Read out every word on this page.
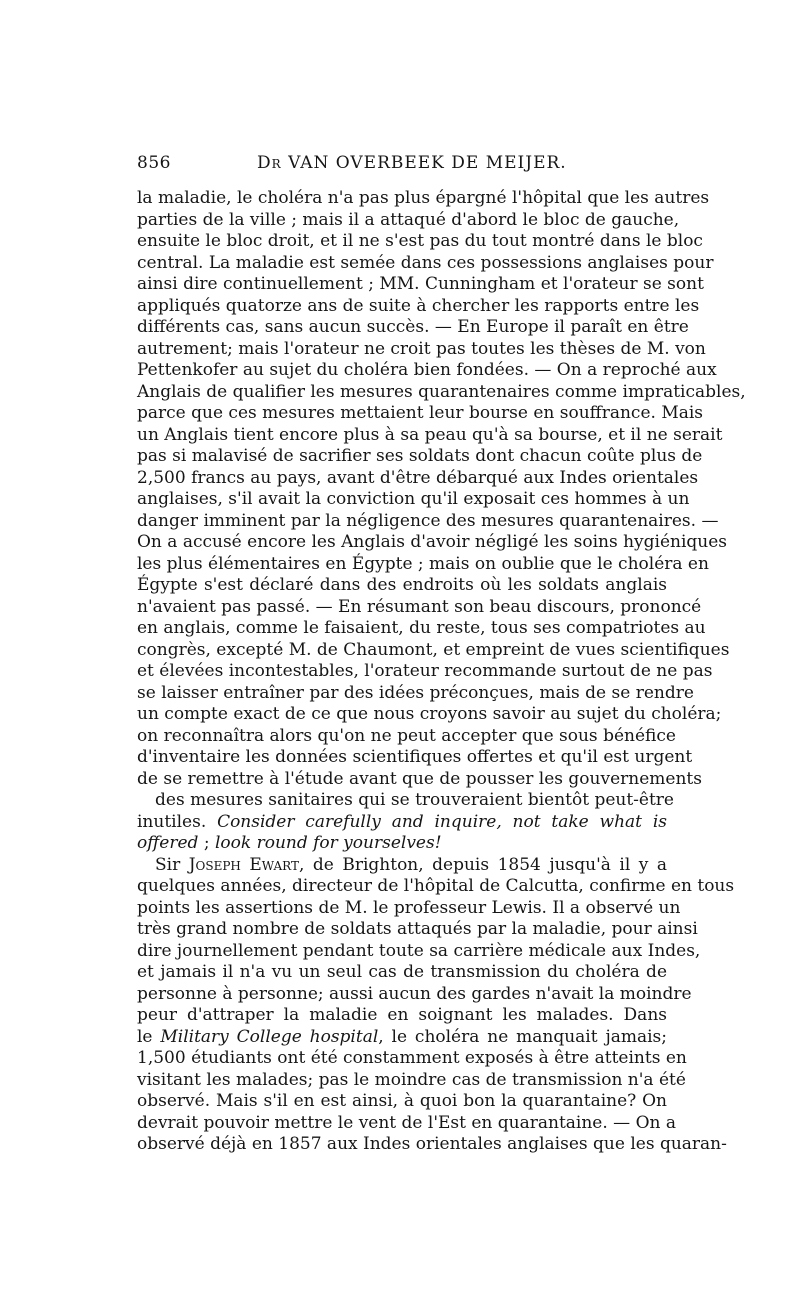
856	Dr VAN OVERBEEK DE MEIJER.
la maladie, le choléra n'a pas plus épargné l'hôpital que les autres
parties de la ville ; mais il a attaqué d'abord le bloc de gauche,
ensuite le bloc droit, et il ne s'est pas du tout montré dans le bloc
central. La maladie est semée dans ces possessions anglaises pour
ainsi dire continuellement ; MM. Cunningham et l'orateur se sont
appliqués quatorze ans de suite à chercher les rapports entre les
différents cas, sans aucun succès. — En Europe il paraît en être
autrement; mais l'orateur ne croit pas toutes les thèses de M. von
Pettenkofer au sujet du choléra bien fondées. — On a reproché aux
Anglais de qualifier les mesures quarantenaires comme impraticables,
parce que ces mesures mettaient leur bourse en souffrance. Mais
un Anglais tient encore plus à sa peau qu'à sa bourse, et il ne serait
pas si malavisé de sacrifier ses soldats dont chacun coûte plus de
2,500 francs au pays, avant d'être débarqué aux Indes orientales
anglaises, s'il avait la conviction qu'il exposait ces hommes à un
danger imminent par la négligence des mesures quarantenaires. —
On a accusé encore les Anglais d'avoir négligé les soins hygiéniques
les plus élémentaires en Égypte ; mais on oublie que le choléra en
Égypte s'est déclaré dans des endroits où les soldats anglais
n'avaient pas passé. — En résumant son beau discours, prononcé
en anglais, comme le faisaient, du reste, tous ses compatriotes au
congrès, excepté M. de Chaumont, et empreint de vues scientifiques
et élevées incontestables, l'orateur recommande surtout de ne pas
se laisser entraîner par des idées préconçues, mais de se rendre
un compte exact de ce que nous croyons savoir au sujet du choléra;
on reconnaîtra alors qu'on ne peut accepter que sous bénéfice
d'inventaire les données scientifiques offertes et qu'il est urgent
de se remettre à l'étude avant que de pousser les gouvernements
des mesures sanitaires qui se trouveraient bientôt peut-être
inutiles. Consider carefully and inquire, not take what is
offered ; look round for yourselves!
Sir Joseph Ewart, de Brighton, depuis 1854 jusqu'à il y a
quelques années, directeur de l'hôpital de Calcutta, confirme en tous
points les assertions de M. le professeur Lewis. Il a observé un
très grand nombre de soldats attaqués par la maladie, pour ainsi
dire journellement pendant toute sa carrière médicale aux Indes,
et jamais il n'a vu un seul cas de transmission du choléra de
personne à personne; aussi aucun des gardes n'avait la moindre
peur d'attraper la maladie en soignant les malades. Dans
le Military College hospital, le choléra ne manquait jamais;
1,500 étudiants ont été constamment exposés à être atteints en
visitant les malades; pas le moindre cas de transmission n'a été
observé. Mais s'il en est ainsi, à quoi bon la quarantaine? On
devrait pouvoir mettre le vent de l'Est en quarantaine. — On a
observé déjà en 1857 aux Indes orientales anglaises que les quaran-
